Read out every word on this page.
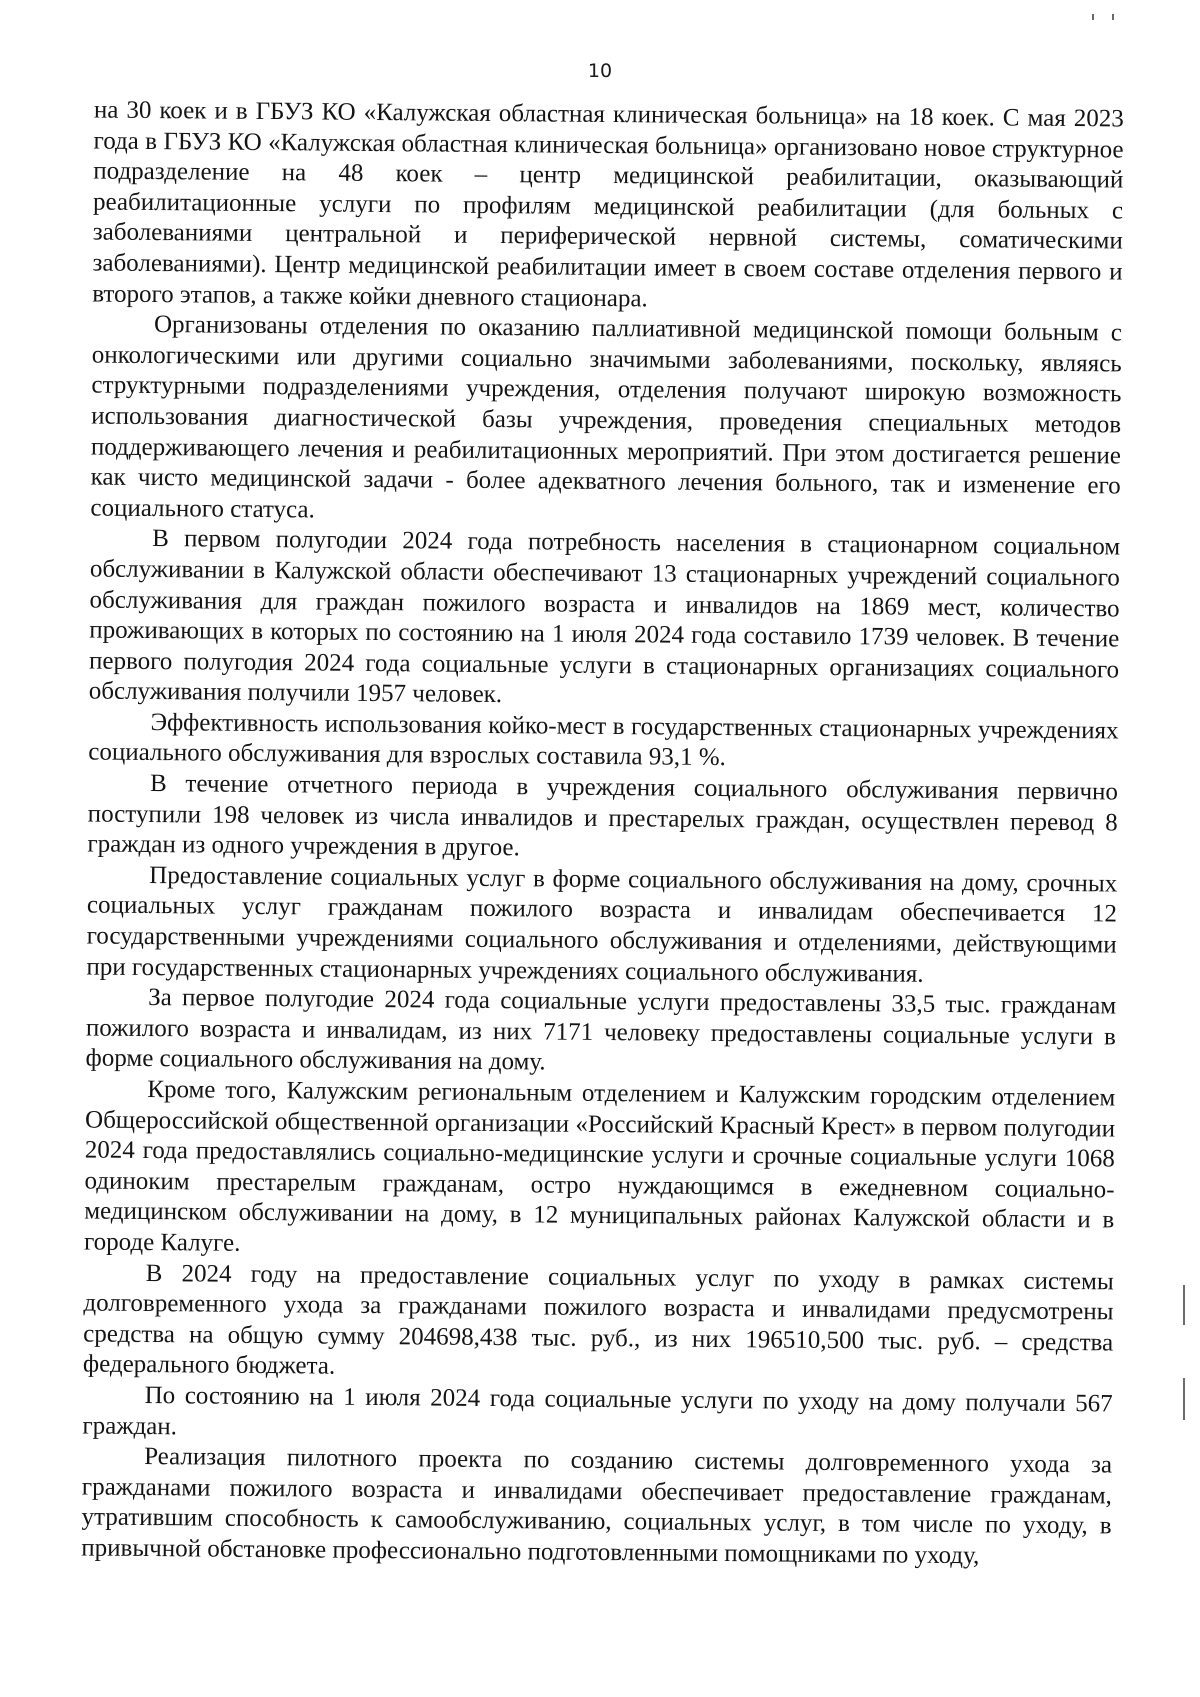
10

на 30 коек и в ГБУЗ КО «Калужская областная клиническая больница» на 18 коек. С мая 2023 года в ГБУЗ КО «Калужская областная клиническая больница» организовано новое структурное подразделение на 48 коек – центр медицинской реабилитации, оказывающий реабилитационные услуги по профилям медицинской реабилитации (для больных с заболеваниями центральной и периферической нервной системы, соматическими заболеваниями). Центр медицинской реабилитации имеет в своем составе отделения первого и второго этапов, а также койки дневного стационара.

Организованы отделения по оказанию паллиативной медицинской помощи больным с онкологическими или другими социально значимыми заболеваниями, поскольку, являясь структурными подразделениями учреждения, отделения получают широкую возможность использования диагностической базы учреждения, проведения специальных методов поддерживающего лечения и реабилитационных мероприятий. При этом достигается решение как чисто медицинской задачи - более адекватного лечения больного, так и изменение его социального статуса.

В первом полугодии 2024 года потребность населения в стационарном социальном обслуживании в Калужской области обеспечивают 13 стационарных учреждений социального обслуживания для граждан пожилого возраста и инвалидов на 1869 мест, количество проживающих в которых по состоянию на 1 июля 2024 года составило 1739 человек. В течение первого полугодия 2024 года социальные услуги в стационарных организациях социального обслуживания получили 1957 человек.

Эффективность использования койко-мест в государственных стационарных учреждениях социального обслуживания для взрослых составила 93,1 %.

В течение отчетного периода в учреждения социального обслуживания первично поступили 198 человек из числа инвалидов и престарелых граждан, осуществлен перевод 8 граждан из одного учреждения в другое.

Предоставление социальных услуг в форме социального обслуживания на дому, срочных социальных услуг гражданам пожилого возраста и инвалидам обеспечивается 12 государственными учреждениями социального обслуживания и отделениями, действующими при государственных стационарных учреждениях социального обслуживания.

За первое полугодие 2024 года социальные услуги предоставлены 33,5 тыс. гражданам пожилого возраста и инвалидам, из них 7171 человеку предоставлены социальные услуги в форме социального обслуживания на дому.

Кроме того, Калужским региональным отделением и Калужским городским отделением Общероссийской общественной организации «Российский Красный Крест» в первом полугодии 2024 года предоставлялись социально-медицинские услуги и срочные социальные услуги 1068 одиноким престарелым гражданам, остро нуждающимся в ежедневном социально-медицинском обслуживании на дому, в 12 муниципальных районах Калужской области и в городе Калуге.

В 2024 году на предоставление социальных услуг по уходу в рамках системы долговременного ухода за гражданами пожилого возраста и инвалидами предусмотрены средства на общую сумму 204698,438 тыс. руб., из них 196510,500 тыс. руб. – средства федерального бюджета.

По состоянию на 1 июля 2024 года социальные услуги по уходу на дому получали 567 граждан.

Реализация пилотного проекта по созданию системы долговременного ухода за гражданами пожилого возраста и инвалидами обеспечивает предоставление гражданам, утратившим способность к самообслуживанию, социальных услуг, в том числе по уходу, в привычной обстановке профессионально подготовленными помощниками по уходу,
